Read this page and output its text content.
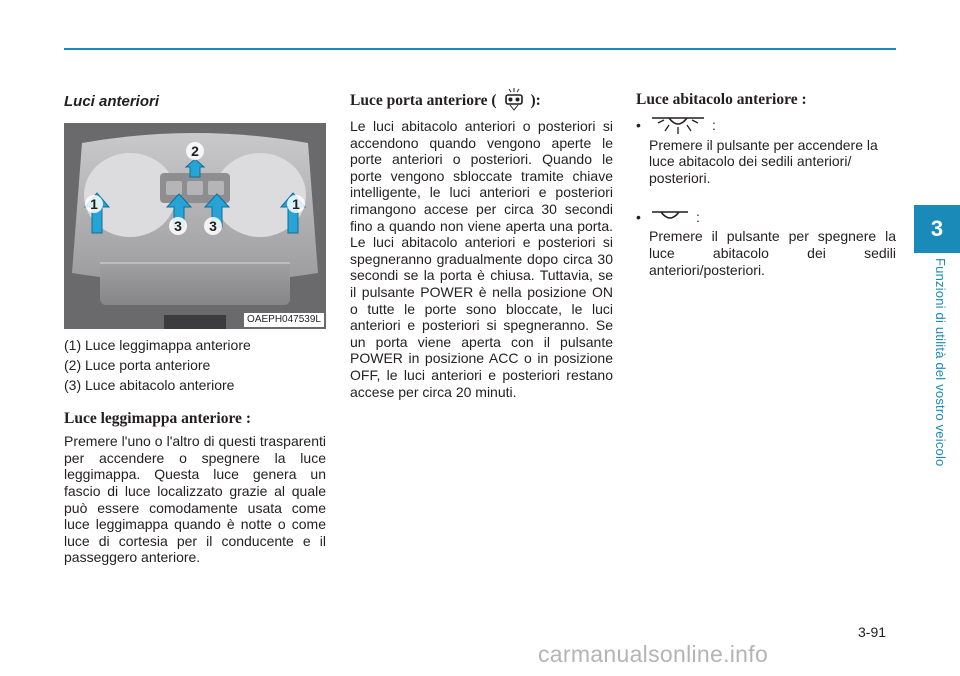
Luci anteriori
1
2
3 3
1
OAEPH047539L
(1) Luce leggimappa anteriore
(2) Luce porta anteriore
(3) Luce abitacolo anteriore
Luce leggimappa anteriore :

Premere l'uno o l'altro di questi trasparenti per accendere o spegnere la luce leggimappa. Questa luce genera un fascio di luce localizzato grazie al quale può essere comodamente usata come luce leggimappa quando è notte o come luce di cortesia per il conducente e il passeggero anteriore.

Luce porta anteriore ( ):

Le luci abitacolo anteriori o posteriori si accendono quando vengono aperte le porte anteriori o posteriori. Quando le porte vengono sbloccate tramite chiave intelligente, le luci anteriori e posteriori rimangono accese per circa 30 secondi fino a quando non viene aperta una porta. Le luci abitacolo anteriori e posteriori si spegneranno gradualmente dopo circa 30 secondi se la porta è chiusa. Tuttavia, se il pulsante POWER è nella posizione ON o tutte le porte sono bloccate, le luci anteriori e posteriori si spegneranno. Se un porta viene aperta con il pulsante POWER in posizione ACC o in posizione OFF, le luci anteriori e posteriori restano accese per circa 20 minuti.

Luce abitacolo anteriore :
•	:

Premere il pulsante per accendere la luce abitacolo dei sedili anteriori/ posteriori.

•	:

Premere il pulsante per spegnere la luce abitacolo dei sedili anteriori/posteriori.

3
Funzioni di utilità del vostro veicolo
3-91
carmanualsonline.info
